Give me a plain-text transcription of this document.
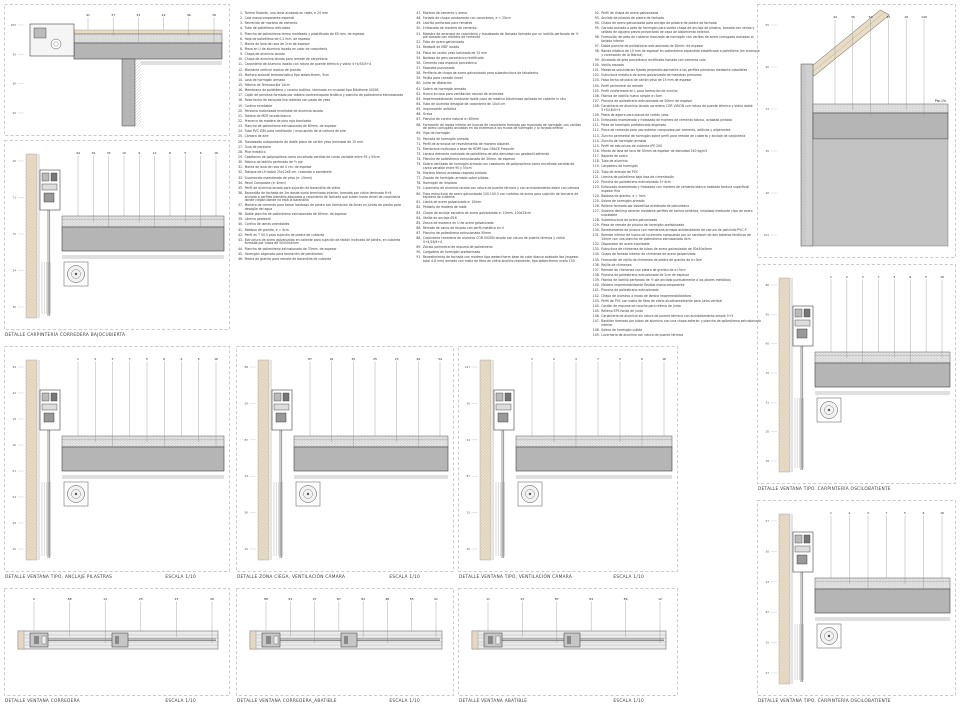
41	37	43	42	46	39
105
35
30
20
44	16	33	10	9	12	8	5	6	16
10
71
75
24
30
DETALLE CARPINTERÍA CORREDERA BAJOCUBIERTA
1. Tarima flotante, una lama acabado en roble, e 24 mm
2. Cola monocomponente especial
3. Recrecido de mortero de cemento
4. Tubo de polietileno reticulado
5. Plancha de poliestireno termo moldeado y plastificado de 65 mm. de espesor
6. Hoja de polietileno de 0,2 mm. de espesor
7. Manta de lana de roca de 2cm de espesor
8. Pieza en U de aluminio lacado en color de carpintería
9. Chapa de aluminio lacado
10. Chapa de aluminio lacado para remate de carpintería
11. Carpintería de aluminio lacado con rotura de puente térmica y vidrio 4+4/55/5+4
12. Montante vertical macizo de granito.
13. Mortero aislante termoacústico tipo weber.therm, 5cm
14. Losa de hormigón armado
15. Fábrica de Termoarcilla 14cm
16. Membrana de polietileno y caucho butílico, laminado en cruzado tipo Bituthene 4000S
17. Cajón de persiana formado por tablero contrachapado fenólico y plancha de poliestireno extrusionado
18. Falso techo de escayola lisa recibido con pasta de yeso
19. Cortina enrollable
20. Persiana motorizada enrollable de aluminio lacado
21. Tablero de MDF lacado blanco
22. Precerco de madera de pino rojo barnizado
23. Plancha de poliestireno extrusionado de 60mm. de espesor
24. Tubo PVC Ø30 para ventilación / evacuación de la cámara de aire
25. Cámara de aire
26. Trasdosado autoportante de doble placa de cartón yeso laminado de 15 mm
27. Guía de persiana
28. Pilar metálico
29. Casetones de polipropileno como encofrado perdido de canto variable entre 95 y 55cm
30. Fábrica de ladrillo perforado de ½ pie
31. Manta de lana de roca de 4 cm. de espesor
32. Tabique de LH doble 25x12x8 cm. colocado a panderete
33. Guarnecido maestreado de yeso (e: 15mm)
34. Panel Composite (e: 4mm)
35. Perfil de aluminio lacado para sujeción de barandilla de vidrio
36. Barandilla de fachada de 1m desde suelo terminado interior, formada por vidrio laminado 6+6 anclada a perfiles laterales adosados a carpintería de fachada que suben hasta dintel de carpintería donde ciegan donde no está la barandilla
37. Mortero de cemento para tomar baldosas de piedra con formación de limas en juntas de piedra para desagüe del agua
38. Doble plancha de poliestireno extrusionada de 60mm. de espesor
39. Lámina geotextil
40. Cortina de lamas orientables
41. Baldosa de granito, e = 4cm
42. Perfil en T 50.5 para sujeción de piedra de cubierta
43. Estructura de acero galvanizado en caliente para sujeción de faldón inclinado de piedra, en cubierta formada por tubos de 50x50x4mm
44. Plancha de poliestireno extrusionado de 70mm. de espesor
45. Hormigón aligerado para formación de pendientes
46. Piedra de granito para remate de barandilla de cubierta
47. Mortero de cemento y arena
48. Forjado de chapa colaborante con conectores, e = 20cm
49. Ladrillo perforado para remates
50. Enfoscado de mortero de cemento
51. Maestra de arranque de carpintería y trasdosado de fachada formada por un ladrillo perforado de ½ pie tomado con mortero de cemento
52. Tubo de acero galvanizado
53. Rodapié de MDF lacado
54. Placa de cartón yeso laminado de 15 mm
55. Baldosa de gres porcelánico rectificado
56. Cemento cola especial porcelánico
57. Moqueta punzonada
58. Perfilería de chapa de acero galvanizado para subestructura de falsotecho
59. Rejilla para canalón lineal
60. Junta de dilatación
61. Solera de hormigón armado
62. Hueco en losa para ventilación natural de viviendas
63. Impermeabilización mediante doble capa de mástico bituminoso aplicado en caliente in situ
64. Tubo de aluminio desagüe de carpintería de 10x4 cm
65. Imprimación asfáltica
66. Grava
67. Plancha de corcho natural e=60mm
68. Formación de repisa inferior de huecos de carpintería formada por macizado de hormigón con varillas de acero corrugado ancladas en los extremos a los muros de hormigón y al forjado inferior
69. Viga de hormigón
70. Pantalla de hormigón armado
71. Perfil de arranque de revestimiento de mortero aislante.
72. Membrana multicapa a base de HDPE tipo GRACE Preprufe
73. Lámina drenante nodulada de polietileno de alta densidad con geotextil adherido
74. Plancha de poliestireno extrusionado de 30mm. de espesor
75. Solera ventilada de hormigón armado con casetones de polipropileno como encofrado perdido de canto variable entre 95 y 55cm
76. Mortero blanco acabado raspado pintado
77. Zapata de hormigón armado sobre pilotes.
78. Hormigón de limpieza
79. Lucernario de aluminio lacado con rotura de puente térmica y con acristalamiento doble con cámara
80. Tubo estructural de acero galvanizado 100.100.5 con cartelas de acero para sujeción de tecnaria de escalera de cubierta
81. Llanta de acero galvanizada e: 10mm
82. Peldaño de madera de roble
83. Chapa de anclaje escalera de acero galvanizado e: 10mm. 100x25cm
84. Varilla de anclaje Ø16
85. Zanca de escalera en U de acero galvanizada
86. Remate de canto de forjado con perfil metálico en U
87. Plancha de poliestireno extrusionado 50mm
88. Carpintería corredera de aluminio COR VISION lacado con rotura de puente térmica y vidrio 4+4/16/4+4
89. Zócalo perimetral de espuma de poliestireno
90. Cargadero de hormigón prefabricado
91. Revestimiento de fachada con mortero tipo weber.therm base de color blanco acabado liso (espesor total 4-8 mm) armado con malla de fibra de vidrio alcalino resistente, tipo weber.therm malla 150
92. Perfil de chapa de acero galvanizada
93. Anclaje de pilastra de piedra de fachada
94. Chapa de acero galvanizado para anclaje de pilastra de piedra de fachada
95. Garrota anclada a peto de hormigón para soldar chapa de anclaje de pilastra, tomada con resina y sellado de agujero previo proyectado de capa de aislamiento exterior.
96. Formación de peto de cubierta macizado de hormigón con varillas de acero corrugado ancladas al forjado inferior
97. Doble plancha de poliestireno extrusionado de 50mm. de espesor
98. Banda elástica de 10 mm de espesor en poliestireno expandido elastificado a polietileno (en arranque y coronación de la fábrica)
99. Alicatado de gres porcelánico rectificado tomado con cemento cola
100. Varilla roscada
101. Maestras secundarias fijadas perpendicularmente a los perfiles primarios mediante caballetes
102. Estructura metálica de acero galvanizada de maestras primarias
103. Falso techo de placa de cartón yeso de 15 mm de espesor
104. Perfil perimetral de remate
105. Perfil conformado en L para formación de zuncho
106. Fábrica de ladrillo hueco simple e=5cm
107. Plancha de poliestireno extrusionado de 50mm de espesor
108. Carpintería de aluminio lacado corredera COR VISION con rotura de puente térmico y vidrio doble 5+5/16/4+4
109. Pasta de agarre para placas de cartón yeso
110. Enfoscado maestreado y fratasado de mortero de cemento blanco, acabado pintado
111. Pieza de hormigón prefabricado aligerado
112. Placa de cemento para uso exterior compuesta por cemento, aditivos y aligerantes
113. Zuncho perimetral de hormigón sobre perfil para remate de cubierta y anclaje de carpintería
114. Zuncho de hormigón armado
115. Perfil de estructura de cubierta IPE 200
116. Manta de lana de roca de 50mm de espesor de densidad 150 kg/m3
117. Bajante de acero
118. Tubo de aluminio
119. Cargadero de hormigón
120. Tubo de drenaje de PVC
121. Lámina de polietileno bajo losa de cimentación
122. Plancha de poliestireno extrusionado 3+4cm
123. Enfoscado maestreado y fratasado con mortero de cemento blanco acabado textura superficial espesor fino
124. Baldosa de granito, e = 5cm
125. Solera de hormigón armado
126. Relleno formado por bovedillas moldeado de poliuretano
127. Sistema decking exterior mediante perfiles de tarima sintética, instalado mediante clips de acero inoxidable
128. Subestructura de acero galvanizado
129. Pieza de remate de piscina de hormigón prefabricado
130. Revestimiento de piscina con membrana armada antideslizante de cloruro de polivinilo PVC-P
131. Remate inferior de hueco de lucernario compuesto por un sándwich de dos tableros fenólicos de 10mm con una plancha de poliestireno extrusionado 4cm
132. Disparador de acero inoxidable
133. Estructura de chimenea de tubos de acero galvanizado de 50x50x4mm
134. Chapa de forrado interior de chimenea de acero galvanizado
135. Formación de rejilla de chimenea de piedra de granito de e=3cm
136. Rejilla de chimenea
137. Remate de chimenea con piedra de granito de e=5cm
138. Plancha de poliestireno extrusionado de 2cm de espesor
139. Fábrica de ladrillo perforado de ½ pie anclado puntualmente a los pilares metálicos
140. Mortero impermeabilizante flexible monocomponente
141. Plancha de poliestireno extrusionado
142. Chapa de aluminio a modo de lámina impermeabilizadora
143. Perfil de PVC con malla de fibra de vidrio alcalinoresistente para junta vertical
144. Cordón de espuma de caucho para relleno de junta
145. Relleno EPS fondo de junta
146. Carpintería de aluminio sin rotura de puente térmica con acristalamiento simple 5+5
147. Bastidor formado por tubos de aluminio con una chapa exterior y plancha de poliestireno extrusionado interior
148. Solera de hormigón pulida
149. Lucernario de aluminio con rotura de puente térmico
Pte.1%
44	39	50	45	16	140
55
45
13
30
40
102
1	2	3	7	5	6	5	16
86
95
90
15
31
20
18
DETALLE VENTANA TIPO. CARPINTERÍA OSCILOBATIENTE
1	2	3	7	5	6	6	5	16
94
22
19
10
51
54
49
15
DETALLE VENTANA TIPO, ANCLAJE PILASTRAS	ESCALA 1/10
87	91	30	25	23	26	54
88
59
87
24
30
15
DETALLE ZONA CIEGA, VENTILACIÓN CÁMARA	ESCALA 1/10
1	2	3	7	5	6	16
147
30
24
87
15
20
DETALLE VENTANA TIPO, VENTILACIÓN CÁMARA	ESCALA 1/10
9	88	12	25	23	26
DETALLE VENTANA CORREDERA	ESCALA 1/10
88	93	97	87	84	86	85	91
DETALLE VENTANA CORREDERA_ABATIBLE	ESCALA 1/10
11	97	87	84	86	12
DETALLE VENTANA ABATIBLE	ESCALA 1/10
1	2	3	7	5	6	16
57
30
24
87
15
27
DETALLE VENTANA TIPO. CARPINTERÍA OSCILOBATIENTE
